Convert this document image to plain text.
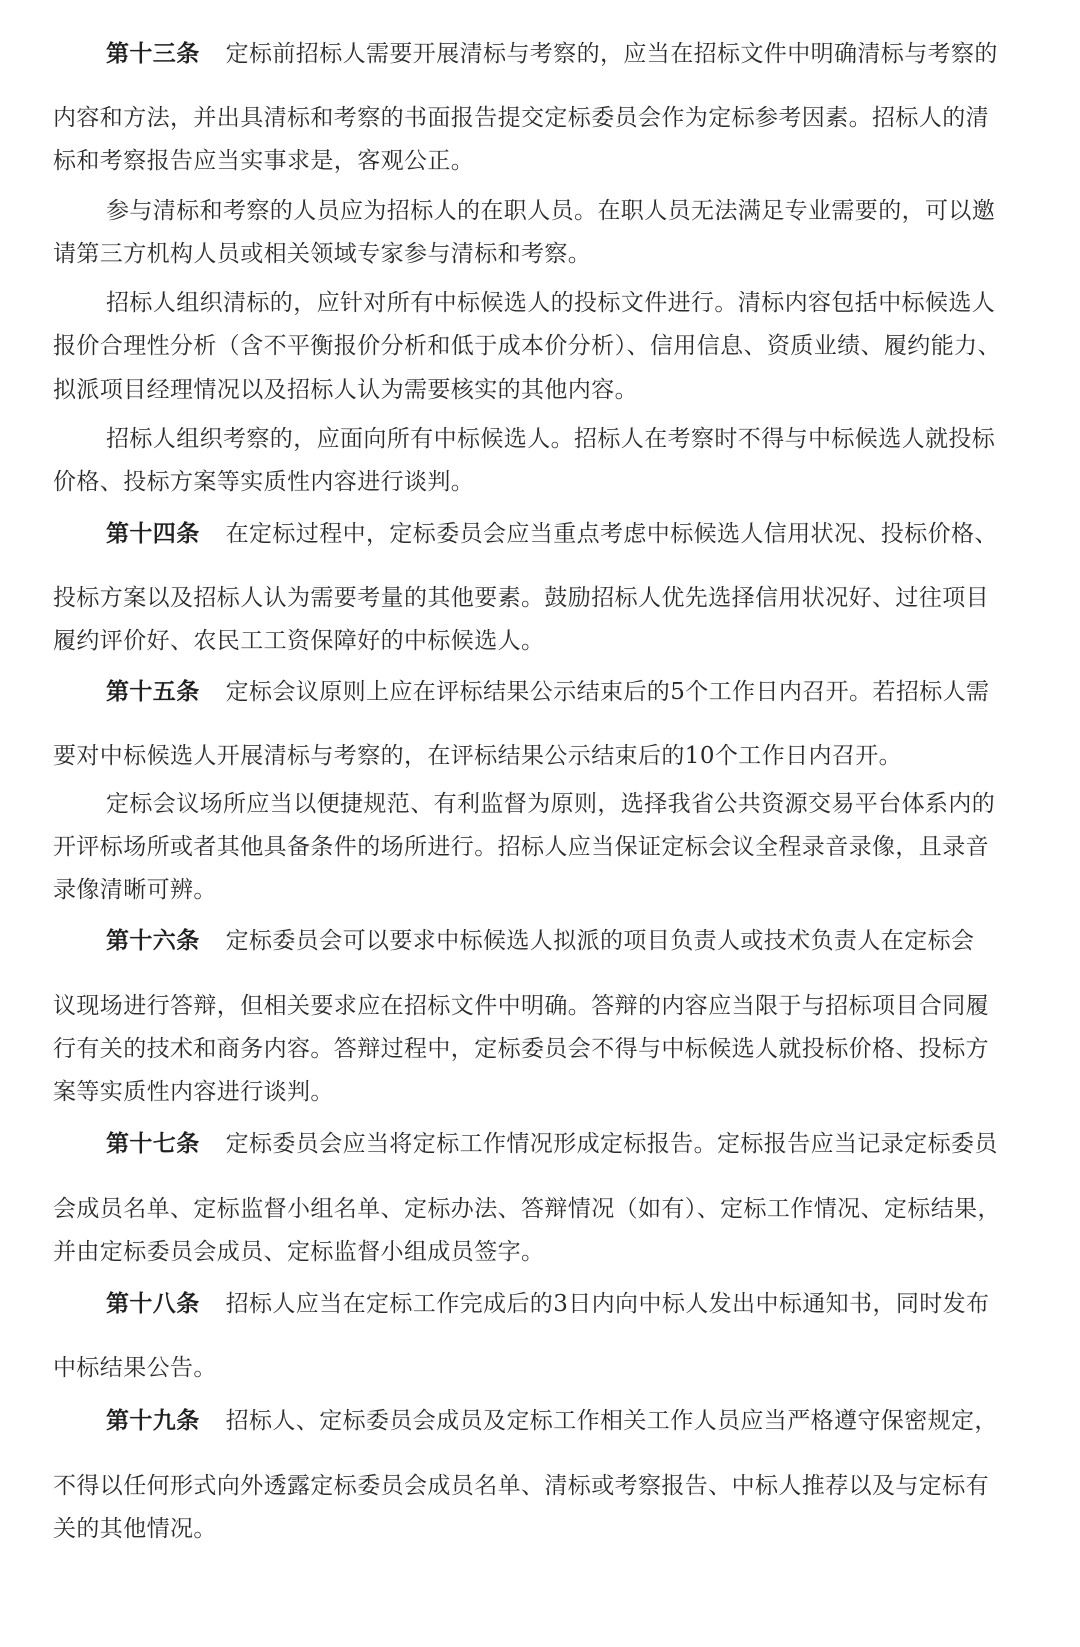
第十三条 定标前招标人需要开展清标与考察的，应当在招标文件中明确清标与考察的
内容和方法，并出具清标和考察的书面报告提交定标委员会作为定标参考因素。招标人的清
标和考察报告应当实事求是，客观公正。
参与清标和考察的人员应为招标人的在职人员。在职人员无法满足专业需要的，可以邀
请第三方机构人员或相关领域专家参与清标和考察。
招标人组织清标的，应针对所有中标候选人的投标文件进行。清标内容包括中标候选人
报价合理性分析（含不平衡报价分析和低于成本价分析）、信用信息、资质业绩、履约能力、
拟派项目经理情况以及招标人认为需要核实的其他内容。
招标人组织考察的，应面向所有中标候选人。招标人在考察时不得与中标候选人就投标
价格、投标方案等实质性内容进行谈判。
第十四条 在定标过程中，定标委员会应当重点考虑中标候选人信用状况、投标价格、
投标方案以及招标人认为需要考量的其他要素。鼓励招标人优先选择信用状况好、过往项目
履约评价好、农民工工资保障好的中标候选人。
第十五条 定标会议原则上应在评标结果公示结束后的5个工作日内召开。若招标人需
要对中标候选人开展清标与考察的，在评标结果公示结束后的10个工作日内召开。
定标会议场所应当以便捷规范、有利监督为原则，选择我省公共资源交易平台体系内的
开评标场所或者其他具备条件的场所进行。招标人应当保证定标会议全程录音录像，且录音
录像清晰可辨。
第十六条 定标委员会可以要求中标候选人拟派的项目负责人或技术负责人在定标会
议现场进行答辩，但相关要求应在招标文件中明确。答辩的内容应当限于与招标项目合同履
行有关的技术和商务内容。答辩过程中，定标委员会不得与中标候选人就投标价格、投标方
案等实质性内容进行谈判。
第十七条 定标委员会应当将定标工作情况形成定标报告。定标报告应当记录定标委员
会成员名单、定标监督小组名单、定标办法、答辩情况（如有）、定标工作情况、定标结果，
并由定标委员会成员、定标监督小组成员签字。
第十八条 招标人应当在定标工作完成后的3日内向中标人发出中标通知书，同时发布
中标结果公告。
第十九条 招标人、定标委员会成员及定标工作相关工作人员应当严格遵守保密规定，
不得以任何形式向外透露定标委员会成员名单、清标或考察报告、中标人推荐以及与定标有
关的其他情况。
